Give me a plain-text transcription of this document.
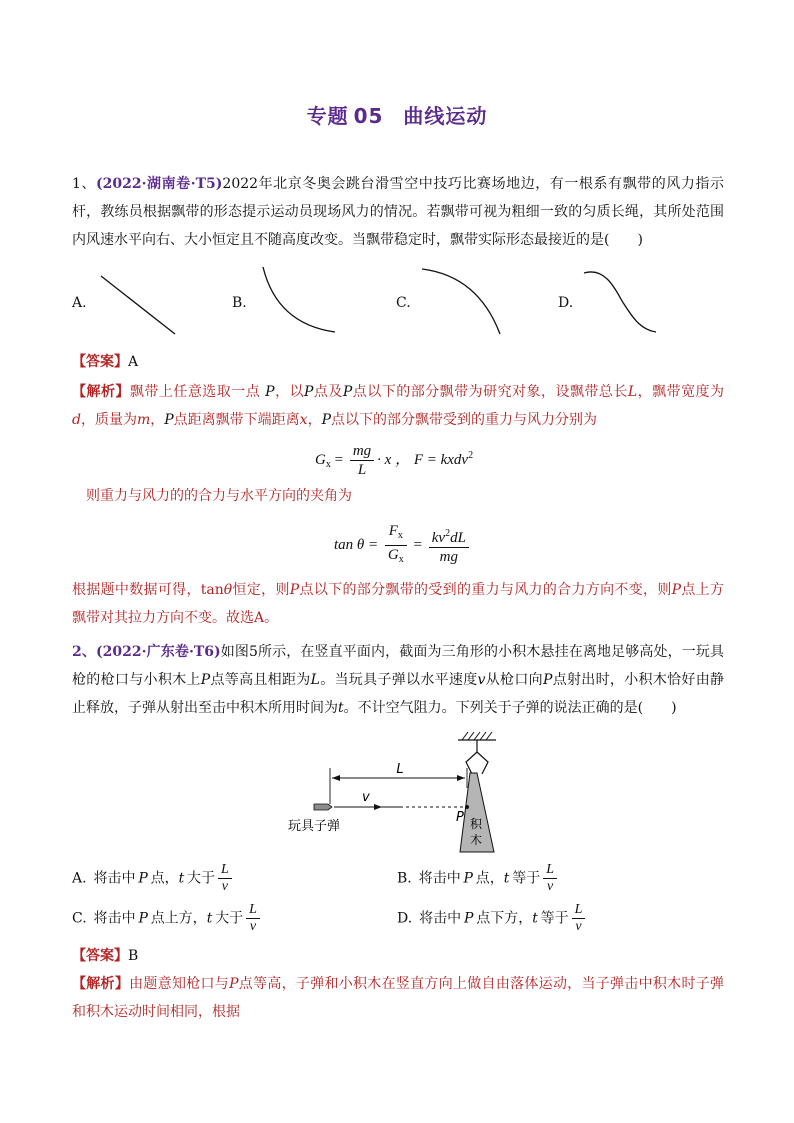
专题  05 曲线运动
1、(2022·湖南卷·T5)2022年北京冬奥会跳台滑雪空中技巧比赛场地边，有一根系有飘带的风力指示杆，教练员根据飘带的形态提示运动员现场风力的情况。若飘带可视为粗细一致的匀质长绳，其所处范围内风速水平向右、大小恒定且不随高度改变。当飘带稳定时，飘带实际形态最接近的是(　　)
A.	B.	C.	D.
【答案】A
【解析】飘带上任意选取一点 P，以P点及P点以下的部分飘带为研究对象，设飘带总长L，飘带宽度为d，质量为m，P点距离飘带下端距离x，P点以下的部分飘带受到的重力与风力分别为
$G_x = \frac{mg}{L} \cdot x$ ， F = kxdv$^2$
则重力与风力的的合力与水平方向的夹角为
$\tan \theta = \frac{F_x}{G_x} = \frac{kv^2dL}{mg}$
根据题中数据可得，tanθ恒定，则P点以下的部分飘带的受到的重力与风力的合力方向不变，则P点上方飘带对其拉力方向不变。故选A。
2、(2022·广东卷·T6)如图5所示，在竖直平面内，截面为三角形的小积木悬挂在离地足够高处，一玩具枪的枪口与小积木上P点等高且相距为L。当玩具子弹以水平速度v从枪口向P点射出时，小积木恰好由静止释放，子弹从射出至击中积木所用时间为t。不计空气阻力。下列关于子弹的说法正确的是(　　)
积
木
P
L
v
玩具子弹
A.  将击中  P  点，t  大于 $\frac{L}{v}$	B.  将击中  P  点，t  等于 $\frac{L}{v}$
C.  将击中  P  点上方，t  大于 $\frac{L}{v}$	D.  将击中  P  点下方，t  等于 $\frac{L}{v}$
【答案】B
【解析】由题意知枪口与P点等高，子弹和小积木在竖直方向上做自由落体运动，当子弹击中积木时子弹和积木运动时间相同，根据
